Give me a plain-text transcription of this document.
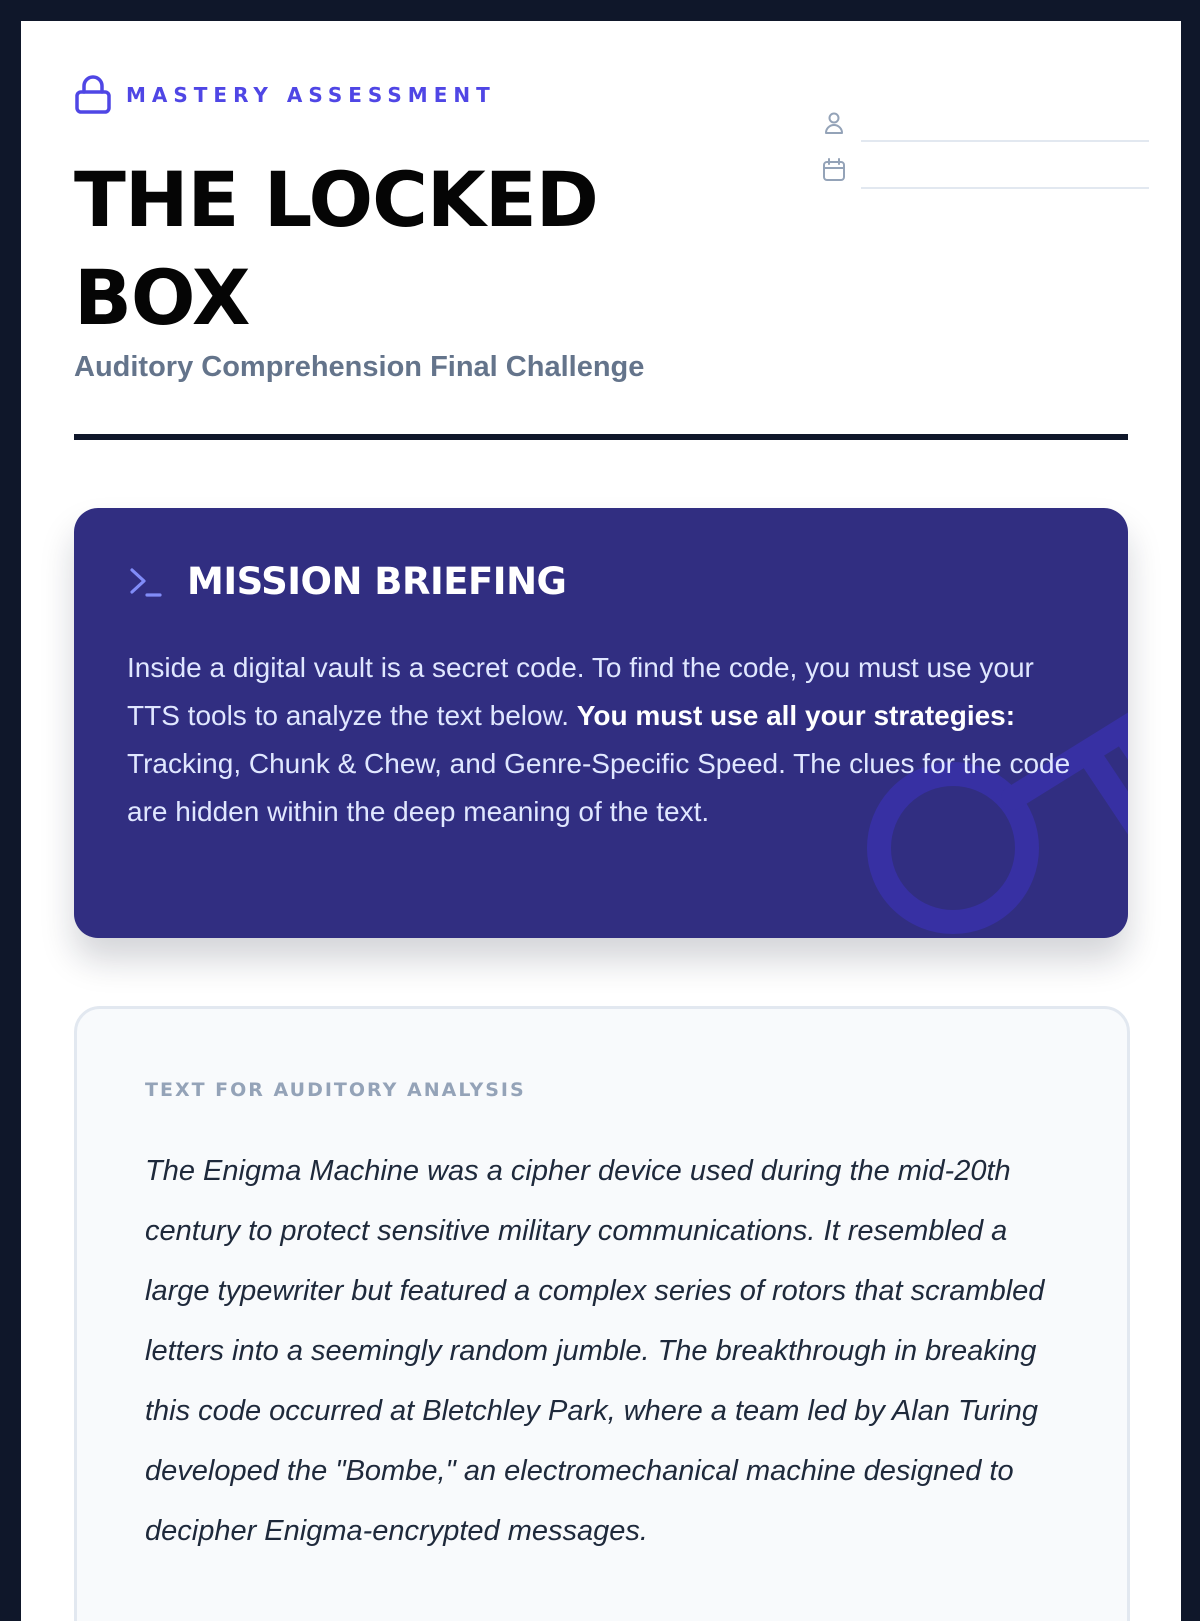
MASTERY ASSESSMENT
THE LOCKED BOX

Auditory Comprehension Final Challenge

MISSION BRIEFING

Inside a digital vault is a secret code. To find the code, you must use your TTS tools to analyze the text below. You must use all your strategies: Tracking, Chunk & Chew, and Genre-Specific Speed. The clues for the code are hidden within the deep meaning of the text.

TEXT FOR AUDITORY ANALYSIS

The Enigma Machine was a cipher device used during the mid-20th century to protect sensitive military communications. It resembled a large typewriter but featured a complex series of rotors that scrambled letters into a seemingly random jumble. The breakthrough in breaking this code occurred at Bletchley Park, where a team led by Alan Turing developed the "Bombe," an electromechanical machine designed to decipher Enigma-encrypted messages.
